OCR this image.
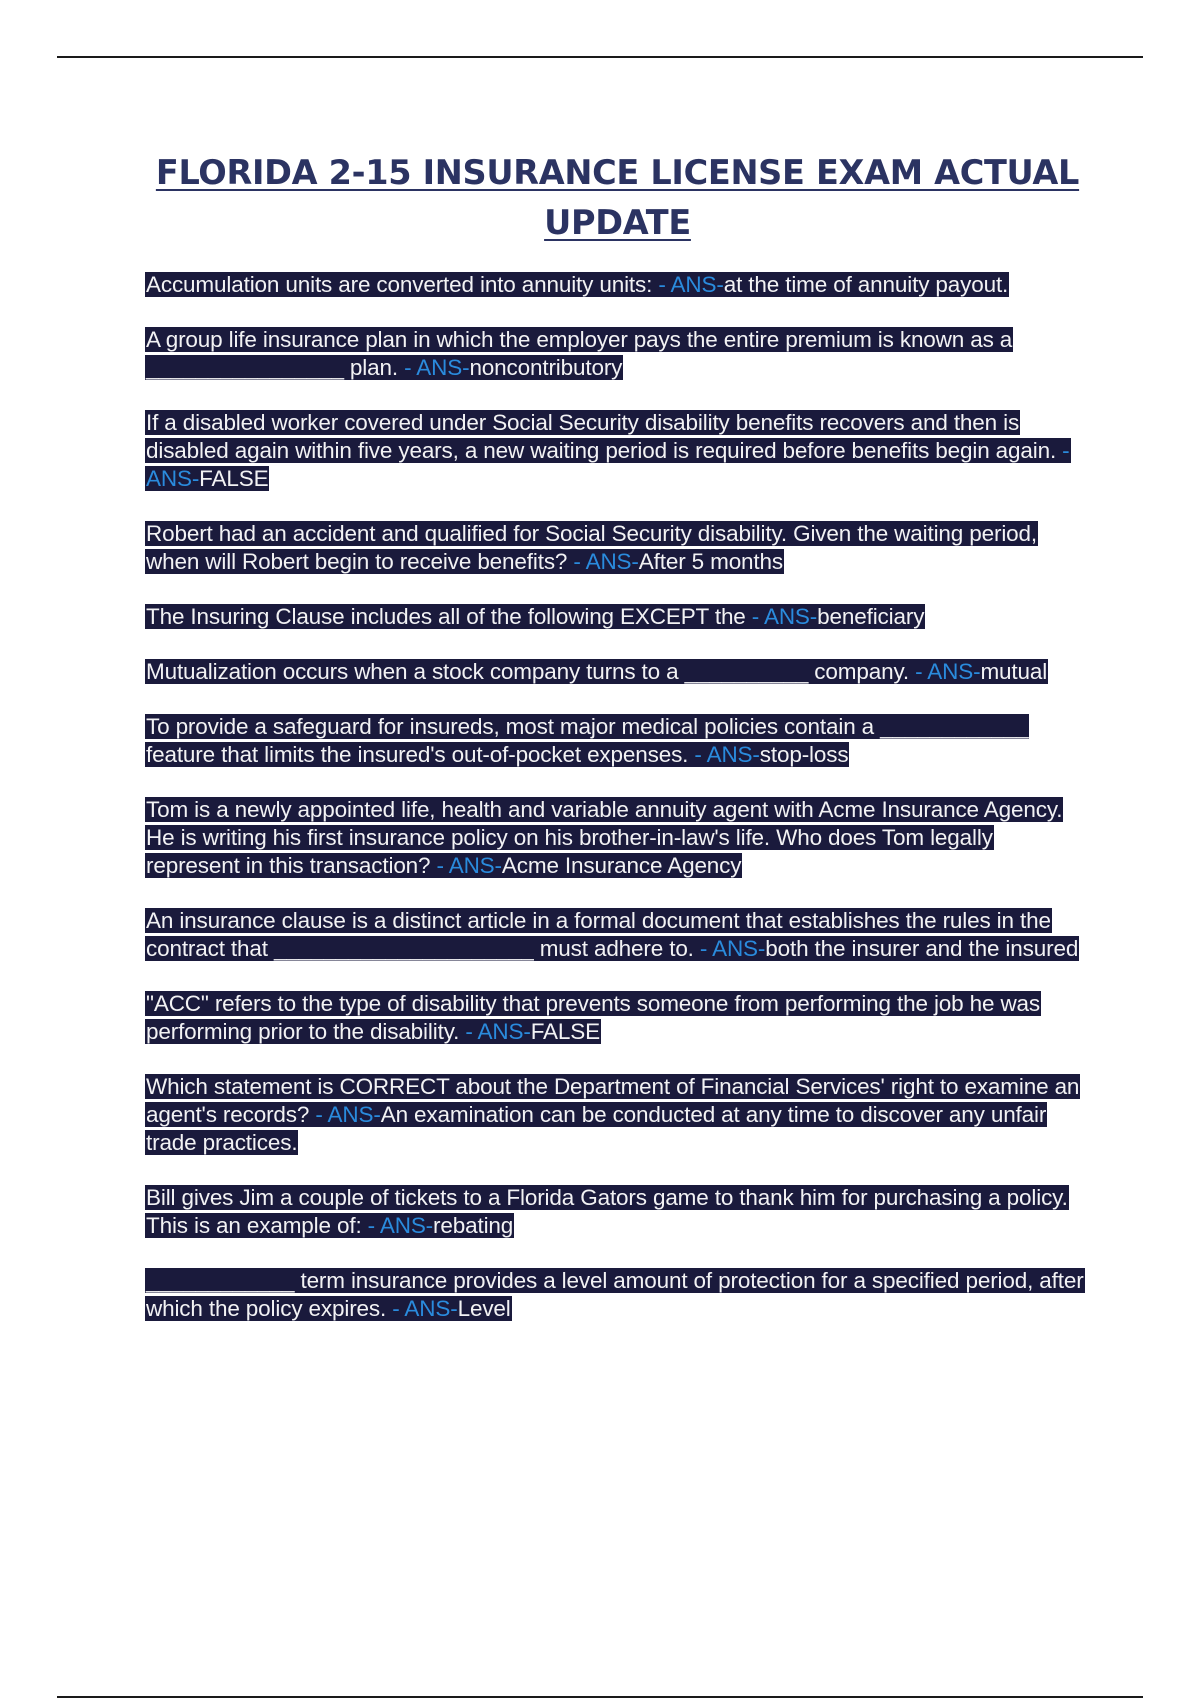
FLORIDA 2-15 INSURANCE LICENSE EXAM ACTUAL UPDATE

Accumulation units are converted into annuity units: - ANS-at the time of annuity payout.

A group life insurance plan in which the employer pays the entire premium is known as a ________________ plan. - ANS-noncontributory

If a disabled worker covered under Social Security disability benefits recovers and then is disabled again within five years, a new waiting period is required before benefits begin again. - ANS-FALSE

Robert had an accident and qualified for Social Security disability. Given the waiting period, when will Robert begin to receive benefits? - ANS-After 5 months

The Insuring Clause includes all of the following EXCEPT the - ANS-beneficiary

Mutualization occurs when a stock company turns to a __________ company. - ANS-mutual

To provide a safeguard for insureds, most major medical policies contain a ____________ feature that limits the insured's out-of-pocket expenses. - ANS-stop-loss

Tom is a newly appointed life, health and variable annuity agent with Acme Insurance Agency. He is writing his first insurance policy on his brother-in-law's life. Who does Tom legally represent in this transaction? - ANS-Acme Insurance Agency

An insurance clause is a distinct article in a formal document that establishes the rules in the contract that _____________________ must adhere to. - ANS-both the insurer and the insured

"ACC" refers to the type of disability that prevents someone from performing the job he was performing prior to the disability. - ANS-FALSE

Which statement is CORRECT about the Department of Financial Services' right to examine an agent's records? - ANS-An examination can be conducted at any time to discover any unfair trade practices.

Bill gives Jim a couple of tickets to a Florida Gators game to thank him for purchasing a policy. This is an example of: - ANS-rebating

____________ term insurance provides a level amount of protection for a specified period, after which the policy expires. - ANS-Level
